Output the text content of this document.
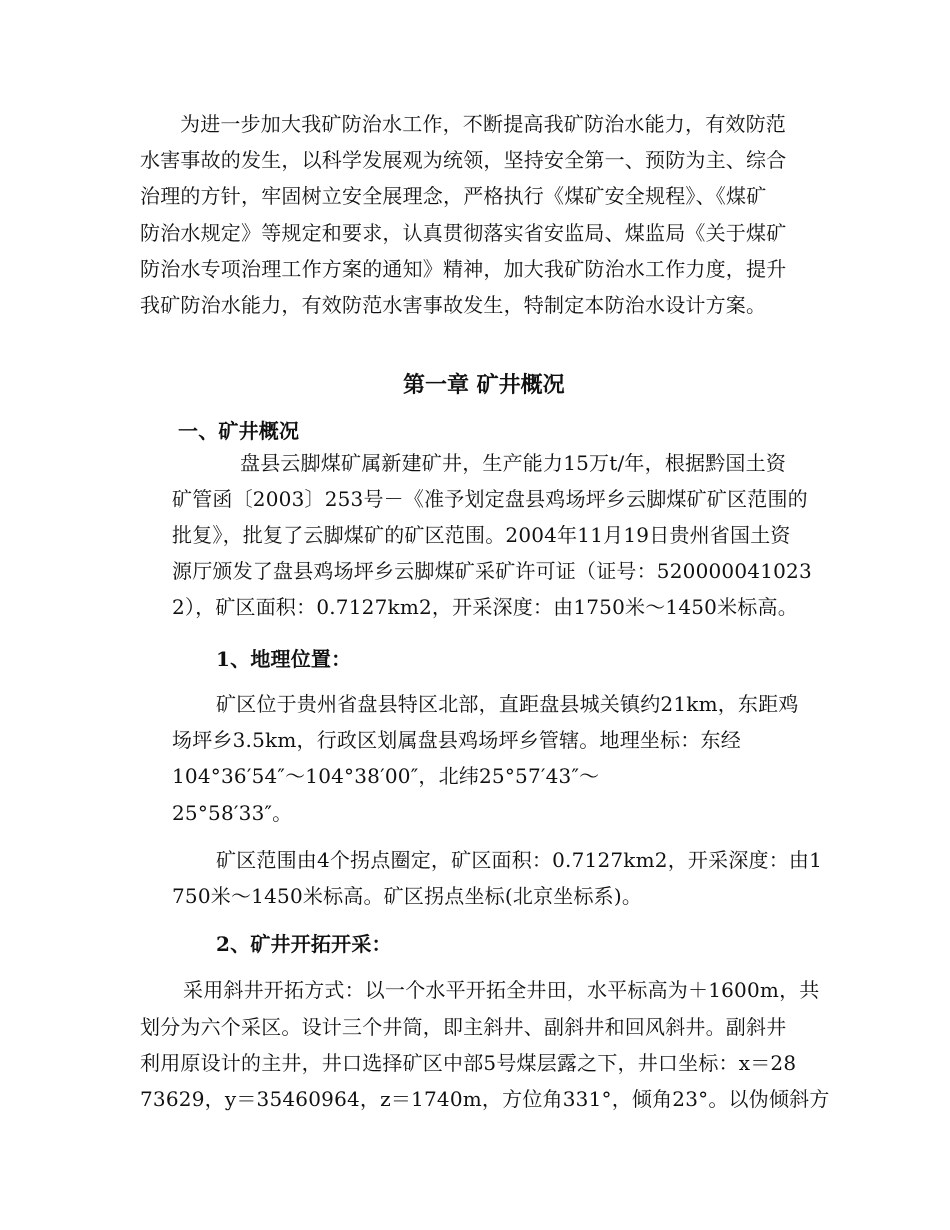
为进一步加大我矿防治水工作，不断提高我矿防治水能力，有效防范
水害事故的发生，以科学发展观为统领，坚持安全第一、预防为主、综合
治理的方针，牢固树立安全展理念，严格执行《煤矿安全规程》、《煤矿
防治水规定》等规定和要求，认真贯彻落实省安监局、煤监局《关于煤矿
防治水专项治理工作方案的通知》精神，加大我矿防治水工作力度，提升
我矿防治水能力，有效防范水害事故发生，特制定本防治水设计方案。
第一章 矿井概况
一、矿井概况
盘县云脚煤矿属新建矿井，生产能力15万t/年，根据黔国土资
矿管函〔2003〕253号－《准予划定盘县鸡场坪乡云脚煤矿矿区范围的
批复》，批复了云脚煤矿的矿区范围。2004年11月19日贵州省国土资
源厅颁发了盘县鸡场坪乡云脚煤矿采矿许可证（证号：520000041023
2），矿区面积：0.7127km2，开采深度：由1750米～1450米标高。
1、地理位置：
矿区位于贵州省盘县特区北部，直距盘县城关镇约21km，东距鸡
场坪乡3.5km，行政区划属盘县鸡场坪乡管辖。地理坐标：东经
104°36′54″～104°38′00″，北纬25°57′43″～
25°58′33″。
矿区范围由4个拐点圈定，矿区面积：0.7127km2，开采深度：由1
750米～1450米标高。矿区拐点坐标(北京坐标系)。
2、矿井开拓开采：
采用斜井开拓方式：以一个水平开拓全井田，水平标高为＋1600m，共
划分为六个采区。设计三个井筒，即主斜井、副斜井和回风斜井。副斜井
利用原设计的主井，井口选择矿区中部5号煤层露之下，井口坐标：x＝28
73629，y＝35460964，z＝1740m，方位角331°，倾角23°。以伪倾斜方
